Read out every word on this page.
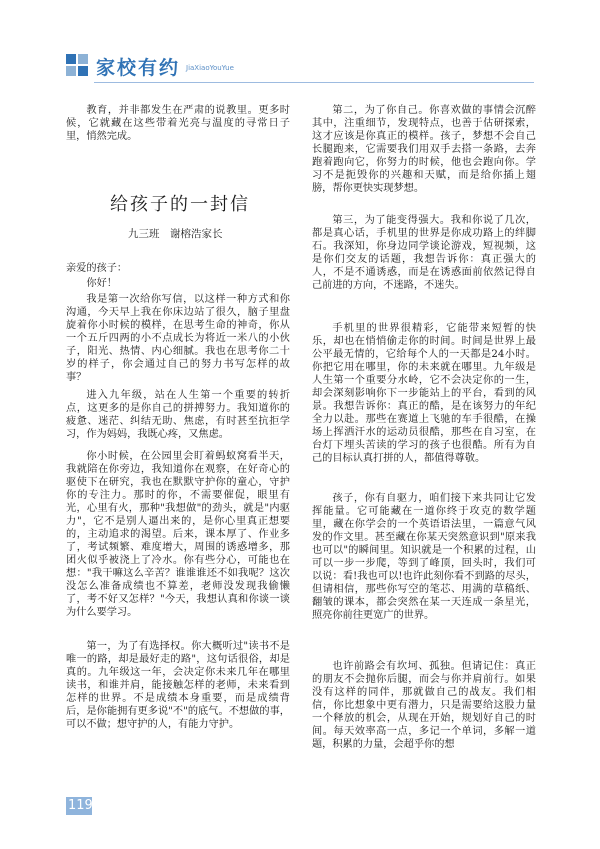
家校有约 JiaXiaoYouYue
教育，并非都发生在严肃的说教里。更多时候，它就藏在这些带着光亮与温度的寻常日子里，悄然完成。
给孩子的一封信
九三班　谢榕浩家长
亲爱的孩子：
你好！
我是第一次给你写信，以这样一种方式和你沟通，今天早上我在你床边站了很久，脑子里盘旋着你小时候的模样，在思考生命的神奇，你从一个五斤四两的小不点成长为将近一米八的小伙子，阳光、热情、内心细腻。我也在思考你二十岁的样子，你会通过自己的努力书写怎样的故事？
进入九年级，站在人生第一个重要的转折点，这更多的是你自己的拼搏努力。我知道你的疲惫、迷茫、纠结无助、焦虑，有时甚至抗拒学习，作为妈妈，我既心疼，又焦虑。
你小时候，在公园里会盯着蚂蚁窝看半天，我就陪在你旁边，我知道你在观察，在好奇心的驱使下在研究，我也在默默守护你的童心，守护你的专注力。那时的你，不需要催促，眼里有光，心里有火，那种"我想做"的劲头，就是"内驱力"，它不是别人逼出来的，是你心里真正想要的，主动追求的渴望。后来，课本厚了、作业多了，考试频繁、难度增大，周围的诱惑增多，那团火似乎被浇上了冷水。你有些分心，可能也在想："我干嘛这么辛苦？谁谁谁还不如我呢？这次没怎么准备成绩也不算差，老师没发现我偷懒了，考不好又怎样？"今天，我想认真和你谈一谈为什么要学习。
第一，为了有选择权。你大概听过"读书不是唯一的路，却是最好走的路"，这句话很俗，却是真的。九年级这一年，会决定你未来几年在哪里读书，和谁并肩，能接触怎样的老师，未来看到怎样的世界。不是成绩本身重要，而是成绩背后，是你能拥有更多说"不"的底气。不想做的事，可以不做；想守护的人，有能力守护。
第二，为了你自己。你喜欢做的事情会沉醉其中，注重细节，发现特点，也善于估研探索，这才应该是你真正的模样。孩子，梦想不会自己长腿跑来，它需要我们用双手去搭一条路，去奔跑着跑向它，你努力的时候，他也会跑向你。学习不是扼毁你的兴趣和天赋，而是给你插上翅膀，帮你更快实现梦想。
第三，为了能变得强大。我和你说了几次，都是真心话，手机里的世界是你成功路上的绊脚石。我深知，你身边同学谈论游戏，短视频，这是你们交友的话题，我想告诉你：真正强大的人，不是不通诱惑，而是在诱惑面前依然记得自己前进的方向，不迷路，不迷失。
手机里的世界很精彩，它能带来短暂的快乐，却也在悄悄偷走你的时间。时间是世界上最公平最无情的，它给每个人的一天都是24小时。你把它用在哪里，你的未来就在哪里。九年级是人生第一个重要分水岭，它不会决定你的一生，却会深刻影响你下一步能站上的平台，看到的风景。我想告诉你：真正的酷，是在该努力的年纪全力以赴。那些在赛道上飞驰的车手很酷，在操场上挥洒汗水的运动员很酷，那些在自习室，在台灯下埋头苦读的学习的孩子也很酷。所有为自己的目标认真打拼的人，都值得尊敬。
孩子，你有自驱力，咱们接下来共同让它发挥能量。它可能藏在一道你终于攻克的数学题里，藏在你学会的一个英语语法里，一篇意气风发的作文里。甚至藏在你某天突然意识到"原来我也可以"的瞬间里。知识就是一个积累的过程，山可以一步一步爬，等到了峰顶，回头时，我们可以说：看!我也可以!也许此刻你看不到路的尽头，但请相信，那些你写空的笔芯、用满的草稿纸、翻皱的课本，都会突然在某一天连成一条星光，照亮你前往更宽广的世界。
也许前路会有坎坷、孤独。但请记住：真正的朋友不会抛你后腿，而会与你并肩前行。如果没有这样的同伴，那就做自己的战友。我们相信，你比想象中更有潜力，只是需要给这股力量一个释放的机会，从现在开始，规划好自己的时间。每天效率高一点，多记一个单词，多解一道题，积累的力量，会超乎你的想
119
